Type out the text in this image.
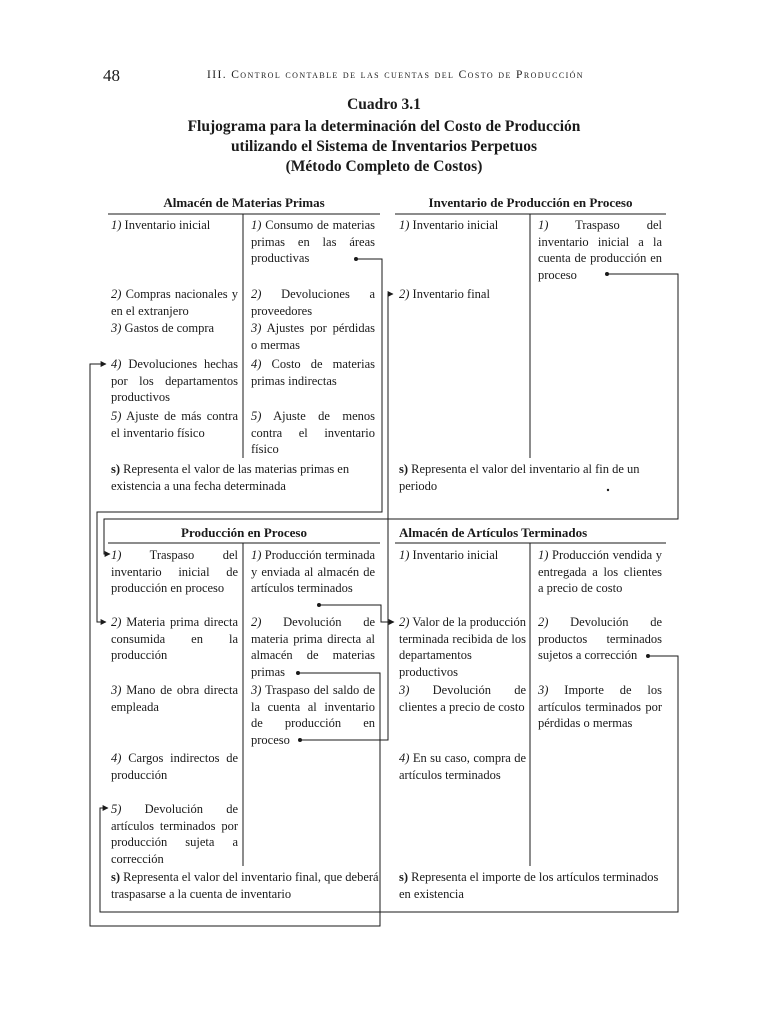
48	III. Control contable de las cuentas del Costo de Producción
Cuadro 3.1
Flujograma para la determinación del Costo de Producción
utilizando el Sistema de Inventarios Perpetuos
(Método Completo de Costos)
Almacén de Materias Primas
1) Inventario inicial
2) Compras nacionales y en el extranjero
3) Gastos de compra
4) Devoluciones hechas por los departamentos productivos
5) Ajuste de más contra el inventario físico
1) Consumo de materias primas en las áreas productivas
2) Devoluciones a proveedores
3) Ajustes por pérdidas o mermas
4) Costo de materias primas indirectas
5) Ajuste de menos contra el inventario físico
s) Representa el valor de las materias primas en existencia a una fecha determinada
Inventario de Producción en Proceso
1) Inventario inicial
2) Inventario final
1) Traspaso del inventario inicial a la cuenta de producción en proceso
s) Representa el valor del inventario al fin de un periodo
Producción en Proceso
1) Traspaso del inventario inicial de producción en proceso
2) Materia prima directa consumida en la producción
3) Mano de obra directa empleada
4) Cargos indirectos de producción
5) Devolución de artículos terminados por producción sujeta a corrección
1) Producción terminada y enviada al almacén de artículos terminados
2) Devolución de materia prima directa al almacén de materias primas
3) Traspaso del saldo de la cuenta al inventario de producción en proceso
s) Representa el valor del inventario final, que deberá traspasarse a la cuenta de inventario
Almacén de Artículos Terminados
1) Inventario inicial
2) Valor de la producción terminada recibida de los departamentos productivos
3) Devolución de clientes a precio de costo
4) En su caso, compra de artículos terminados
1) Producción vendida y entregada a los clientes a precio de costo
2) Devolución de productos terminados sujetos a corrección
3) Importe de los artículos terminados por pérdidas o mermas
s) Representa el importe de los artículos terminados en existencia
